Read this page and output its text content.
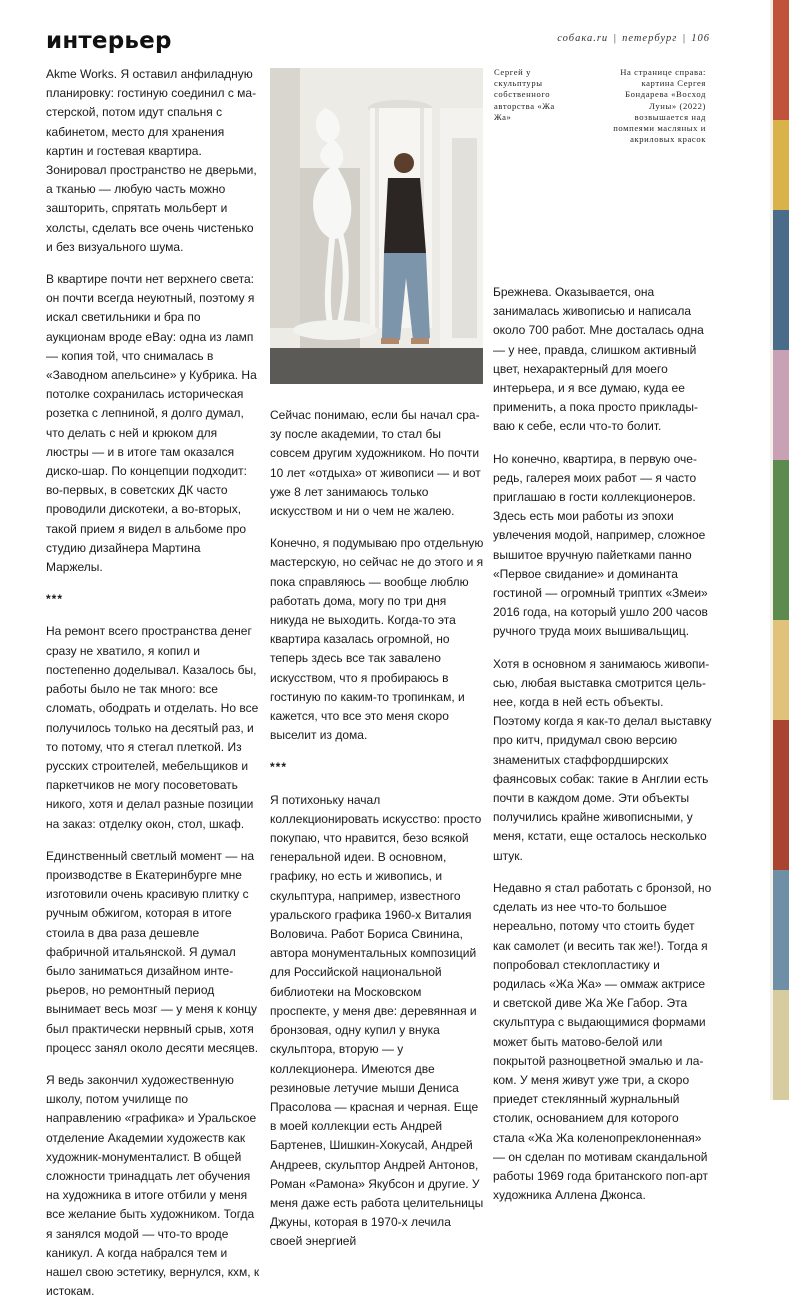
интерьер	собака.ru | петербург | 106

Akme Works. Я оставил анфиладную планировку: гостиную соединил с мастерской, потом идут спальня с кабинетом, место для хранения картин и гостевая квартира. Зонировал пространство не дверьми, а тканью — любую часть можно зашторить, спрятать мольберт и холсты, сделать все очень чистенько и без визуального шума.

В квартире почти нет верхнего света: он почти всегда неуютный, поэтому я искал светильники и бра по аукционам вроде eBay: одна из ламп — копия той, что снималась в «Заводном апельсине» у Кубрика. На потолке сохранилась историческая розетка с лепниной, я долго думал, что делать с ней и крюком для люстры — и в итоге там оказался диско-шар. По концепции подходит: во-первых, в советских ДК часто проводили дискотеки, а во-вторых, такой прием я видел в альбоме про студию дизайнера Мартина Маржелы.

***

На ремонт всего пространства денег сразу не хватило, я копил и постепенно доделывал. Казалось бы, работы было не так много: все сломать, ободрать и отделать. Но все получилось только на десятый раз, и то потому, что я стегал плеткой. Из русских строителей, мебельщиков и паркетчиков не могу посоветовать никого, хотя и делал разные позиции на заказ: отделку окон, стол, шкаф.

Единственный светлый момент — на производстве в Екатеринбурге мне изготовили очень красивую плитку с ручным обжигом, которая в итоге стоила в два раза дешевле фабричной итальянской. Я думал было заниматься дизайном интерьеров, но ремонтный период вынимает весь мозг — у меня к концу был практически нервный срыв, хотя процесс занял около десяти месяцев.

Я ведь закончил художественную школу, потом училище по направлению «графика» и Уральское отделение Академии художеств как художник-монументалист. В общей сложности тринадцать лет обучения на художника в итоге отбили у меня все желание быть художником. Тогда я занялся модой — что-то вроде каникул. А когда набрался тем и нашел свою эстетику, вернулся, кхм, к истокам.

Сергей у скульптуры собственного авторства «Жа Жа»
На странице справа: картина Сергея Бондарева «Восход Луны» (2022) возвышается над помпеями масляных и акриловых красок

Сейчас понимаю, если бы начал сразу после академии, то стал бы совсем другим художником. Но почти 10 лет «отдыха» от живописи — и вот уже 8 лет занимаюсь только искусством и ни о чем не жалею.

Конечно, я подумываю про отдельную мастерскую, но сейчас не до этого и я пока справляюсь — вообще люблю работать дома, могу по три дня никуда не выходить. Когда-то эта квартира казалась огромной, но теперь здесь все так завалено искусством, что я пробираюсь в гостиную по каким-то тропинкам, и кажется, что все это меня скоро выселит из дома.

***

Я потихоньку начал коллекционировать искусство: просто покупаю, что нравится, безо всякой генеральной идеи. В основном, графику, но есть и живопись, и скульптура, например, известного уральского графика 1960-х Виталия Воловича. Работ Бориса Свинина, автора монументальных композиций для Российской национальной библиотеки на Московском проспекте, у меня две: деревянная и бронзовая, одну купил у внука скульптора, вторую — у коллекционера. Имеются две резиновые летучие мыши Дениса Прасолова — красная и черная. Еще в моей коллекции есть Андрей Бартенев, Шишкин-Хокусай, Андрей Андреев, скульптор Андрей Антонов, Роман «Рамона» Якубсон и другие. У меня даже есть работа целительницы Джуны, которая в 1970-х лечила своей энергией

Брежнева. Оказывается, она занималась живописью и написала около 700 работ. Мне досталась одна — у нее, правда, слишком активный цвет, нехарактерный для моего интерьера, и я все думаю, куда ее применить, а пока просто прикладываю к себе, если что-то болит.

Но конечно, квартира, в первую очередь, галерея моих работ — я часто приглашаю в гости коллекционеров. Здесь есть мои работы из эпохи увлечения модой, например, сложное вышитое вручную пайетками панно «Первое свидание» и доминанта гостиной — огромный триптих «Змеи» 2016 года, на который ушло 200 часов ручного труда моих вышивальщиц.

Хотя в основном я занимаюсь живописью, любая выставка смотрится цельнее, когда в ней есть объекты. Поэтому когда я как-то делал выставку про китч, придумал свою версию знаменитых стаффордширских фаянсовых собак: такие в Англии есть почти в каждом доме. Эти объекты получились крайне живописными, у меня, кстати, еще осталось несколько штук.

Недавно я стал работать с бронзой, но сделать из нее что-то большое нереально, потому что стоить будет как самолет (и весить так же!). Тогда я попробовал стеклопластику и родилась «Жа Жа» — оммаж актрисе и светской диве Жа Же Габор. Эта скульптура с выдающимися формами может быть матово-белой или покрытой разноцветной эмалью и лаком. У меня живут уже три, а скоро приедет стеклянный журнальный столик, основанием для которого стала «Жа Жа коленопреклоненная» — он сделан по мотивам скандальной работы 1969 года британского поп-арт художника Аллена Джонса.
